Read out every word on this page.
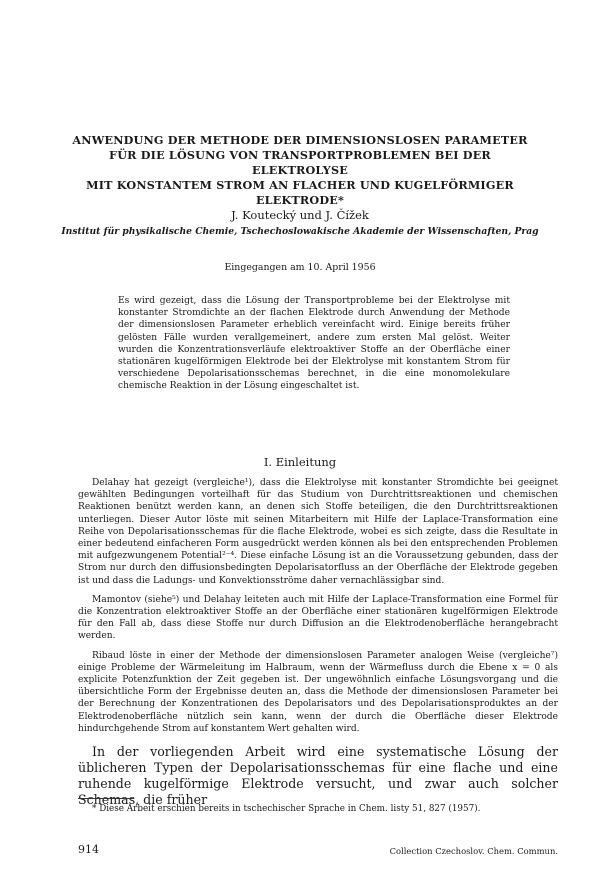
ANWENDUNG DER METHODE DER DIMENSIONSLOSEN PARAMETER
FÜR DIE LÖSUNG VON TRANSPORTPROBLEMEN BEI DER ELEKTROLYSE
MIT KONSTANTEM STROM AN FLACHER UND KUGELFÖRMIGER
ELEKTRODE*
J. Koutecký und J. Čížek
Institut für physikalische Chemie, Tschechoslowakische Akademie der Wissenschaften, Prag
Eingegangen am 10. April 1956

Es wird gezeigt, dass die Lösung der Transportprobleme bei der Elektrolyse mit konstanter Stromdichte an der flachen Elektrode durch Anwendung der Methode der dimensionslosen Parameter erheblich vereinfacht wird. Einige bereits früher gelösten Fälle wurden verallgemeinert, andere zum ersten Mal gelöst. Weiter wurden die Konzentrationsverläufe elektroaktiver Stoffe an der Oberfläche einer stationären kugelförmigen Elektrode bei der Elektrolyse mit konstantem Strom für verschiedene Depolarisationsschemas berechnet, in die eine monomolekulare chemische Reaktion in der Lösung eingeschaltet ist.

I. Einleitung

Delahay hat gezeigt (vergleiche¹), dass die Elektrolyse mit konstanter Stromdichte bei geeignet gewählten Bedingungen vorteilhaft für das Studium von Durchtrittsreaktionen und chemischen Reaktionen benützt werden kann, an denen sich Stoffe beteiligen, die den Durchtrittsreaktionen unterliegen. Dieser Autor löste mit seinen Mitarbeitern mit Hilfe der Laplace-Transformation eine Reihe von Depolarisationsschemas für die flache Elektrode, wobei es sich zeigte, dass die Resultate in einer bedeutend einfacheren Form ausgedrückt werden können als bei den entsprechenden Problemen mit aufgezwungenem Potential²⁻⁴. Diese einfache Lösung ist an die Voraussetzung gebunden, dass der Strom nur durch den diffusionsbedingten Depolarisatorfluss an der Oberfläche der Elektrode gegeben ist und dass die Ladungs- und Konvektionsströme daher vernachlässigbar sind.

Mamontov (siehe⁵) und Delahay leiteten auch mit Hilfe der Laplace-Transformation eine Formel für die Konzentration elektroaktiver Stoffe an der Oberfläche einer stationären kugelförmigen Elektrode für den Fall ab, dass diese Stoffe nur durch Diffusion an die Elektrodenoberfläche herangebracht werden.

Ribaud löste in einer der Methode der dimensionslosen Parameter analogen Weise (vergleiche⁷) einige Probleme der Wärmeleitung im Halbraum, wenn der Wärmefluss durch die Ebene x = 0 als explicite Potenzfunktion der Zeit gegeben ist. Der ungewöhnlich einfache Lösungsvorgang und die übersichtliche Form der Ergebnisse deuten an, dass die Methode der dimensionslosen Parameter bei der Berechnung der Konzentrationen des Depolarisators und des Depolarisationsproduktes an der Elektrodenoberfläche nützlich sein kann, wenn der durch die Oberfläche dieser Elektrode hindurchgehende Strom auf konstantem Wert gehalten wird.

In der vorliegenden Arbeit wird eine systematische Lösung der üblicheren Typen der Depolarisationsschemas für eine flache und eine ruhende kugelförmige Elektrode versucht, und zwar auch solcher Schemas, die früher

* Diese Arbeit erschien bereits in tschechischer Sprache in Chem. listy 51, 827 (1957).
914	Collection Czechoslov. Chem. Commun.
